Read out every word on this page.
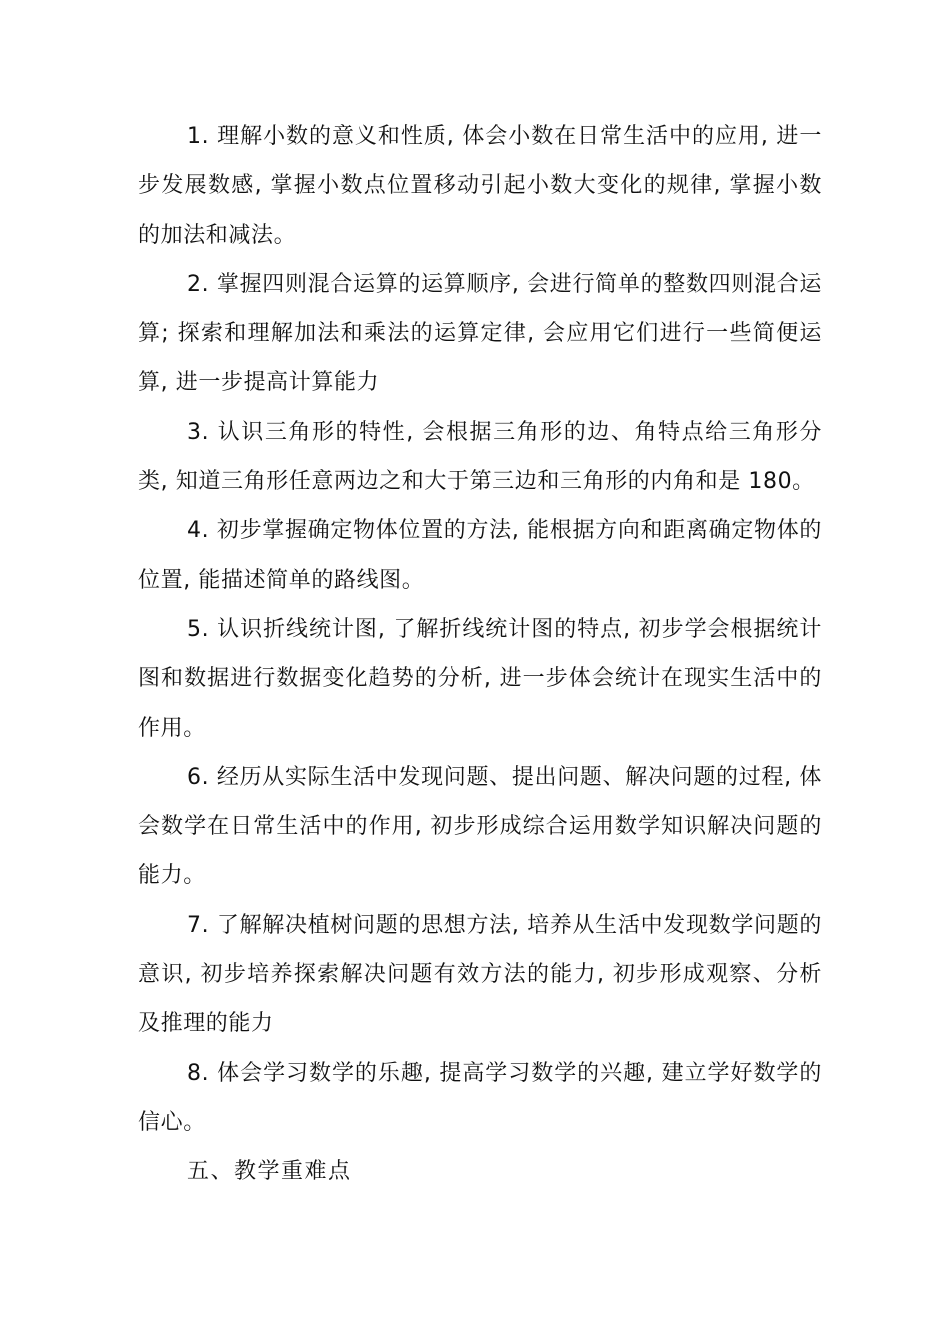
1. 理解小数的意义和性质, 体会小数在日常生活中的应用, 进一步发展数感, 掌握小数点位置移动引起小数大变化的规律, 掌握小数的加法和减法。

2. 掌握四则混合运算的运算顺序, 会进行简单的整数四则混合运算; 探索和理解加法和乘法的运算定律, 会应用它们进行一些简便运算, 进一步提高计算能力

3. 认识三角形的特性, 会根据三角形的边、角特点给三角形分类, 知道三角形任意两边之和大于第三边和三角形的内角和是 180。

4. 初步掌握确定物体位置的方法, 能根据方向和距离确定物体的位置, 能描述简单的路线图。

5. 认识折线统计图, 了解折线统计图的特点, 初步学会根据统计图和数据进行数据变化趋势的分析, 进一步体会统计在现实生活中的作用。

6. 经历从实际生活中发现问题、提出问题、解决问题的过程, 体会数学在日常生活中的作用, 初步形成综合运用数学知识解决问题的能力。

7. 了解解决植树问题的思想方法, 培养从生活中发现数学问题的意识, 初步培养探索解决问题有效方法的能力, 初步形成观察、分析及推理的能力

8. 体会学习数学的乐趣, 提高学习数学的兴趣, 建立学好数学的信心。

五、教学重难点
